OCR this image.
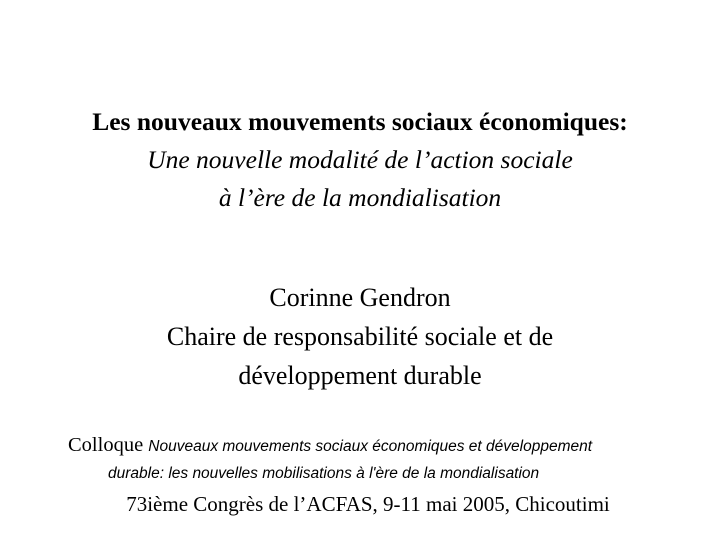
Les nouveaux mouvements sociaux économiques:
Une nouvelle modalité de l’action sociale
à l’ère de la mondialisation
Corinne Gendron
Chaire de responsabilité sociale et de
développement durable
Colloque Nouveaux mouvements sociaux économiques et développement
durable: les nouvelles mobilisations à l'ère de la mondialisation
73ième Congrès de l’ACFAS, 9-11 mai 2005, Chicoutimi
